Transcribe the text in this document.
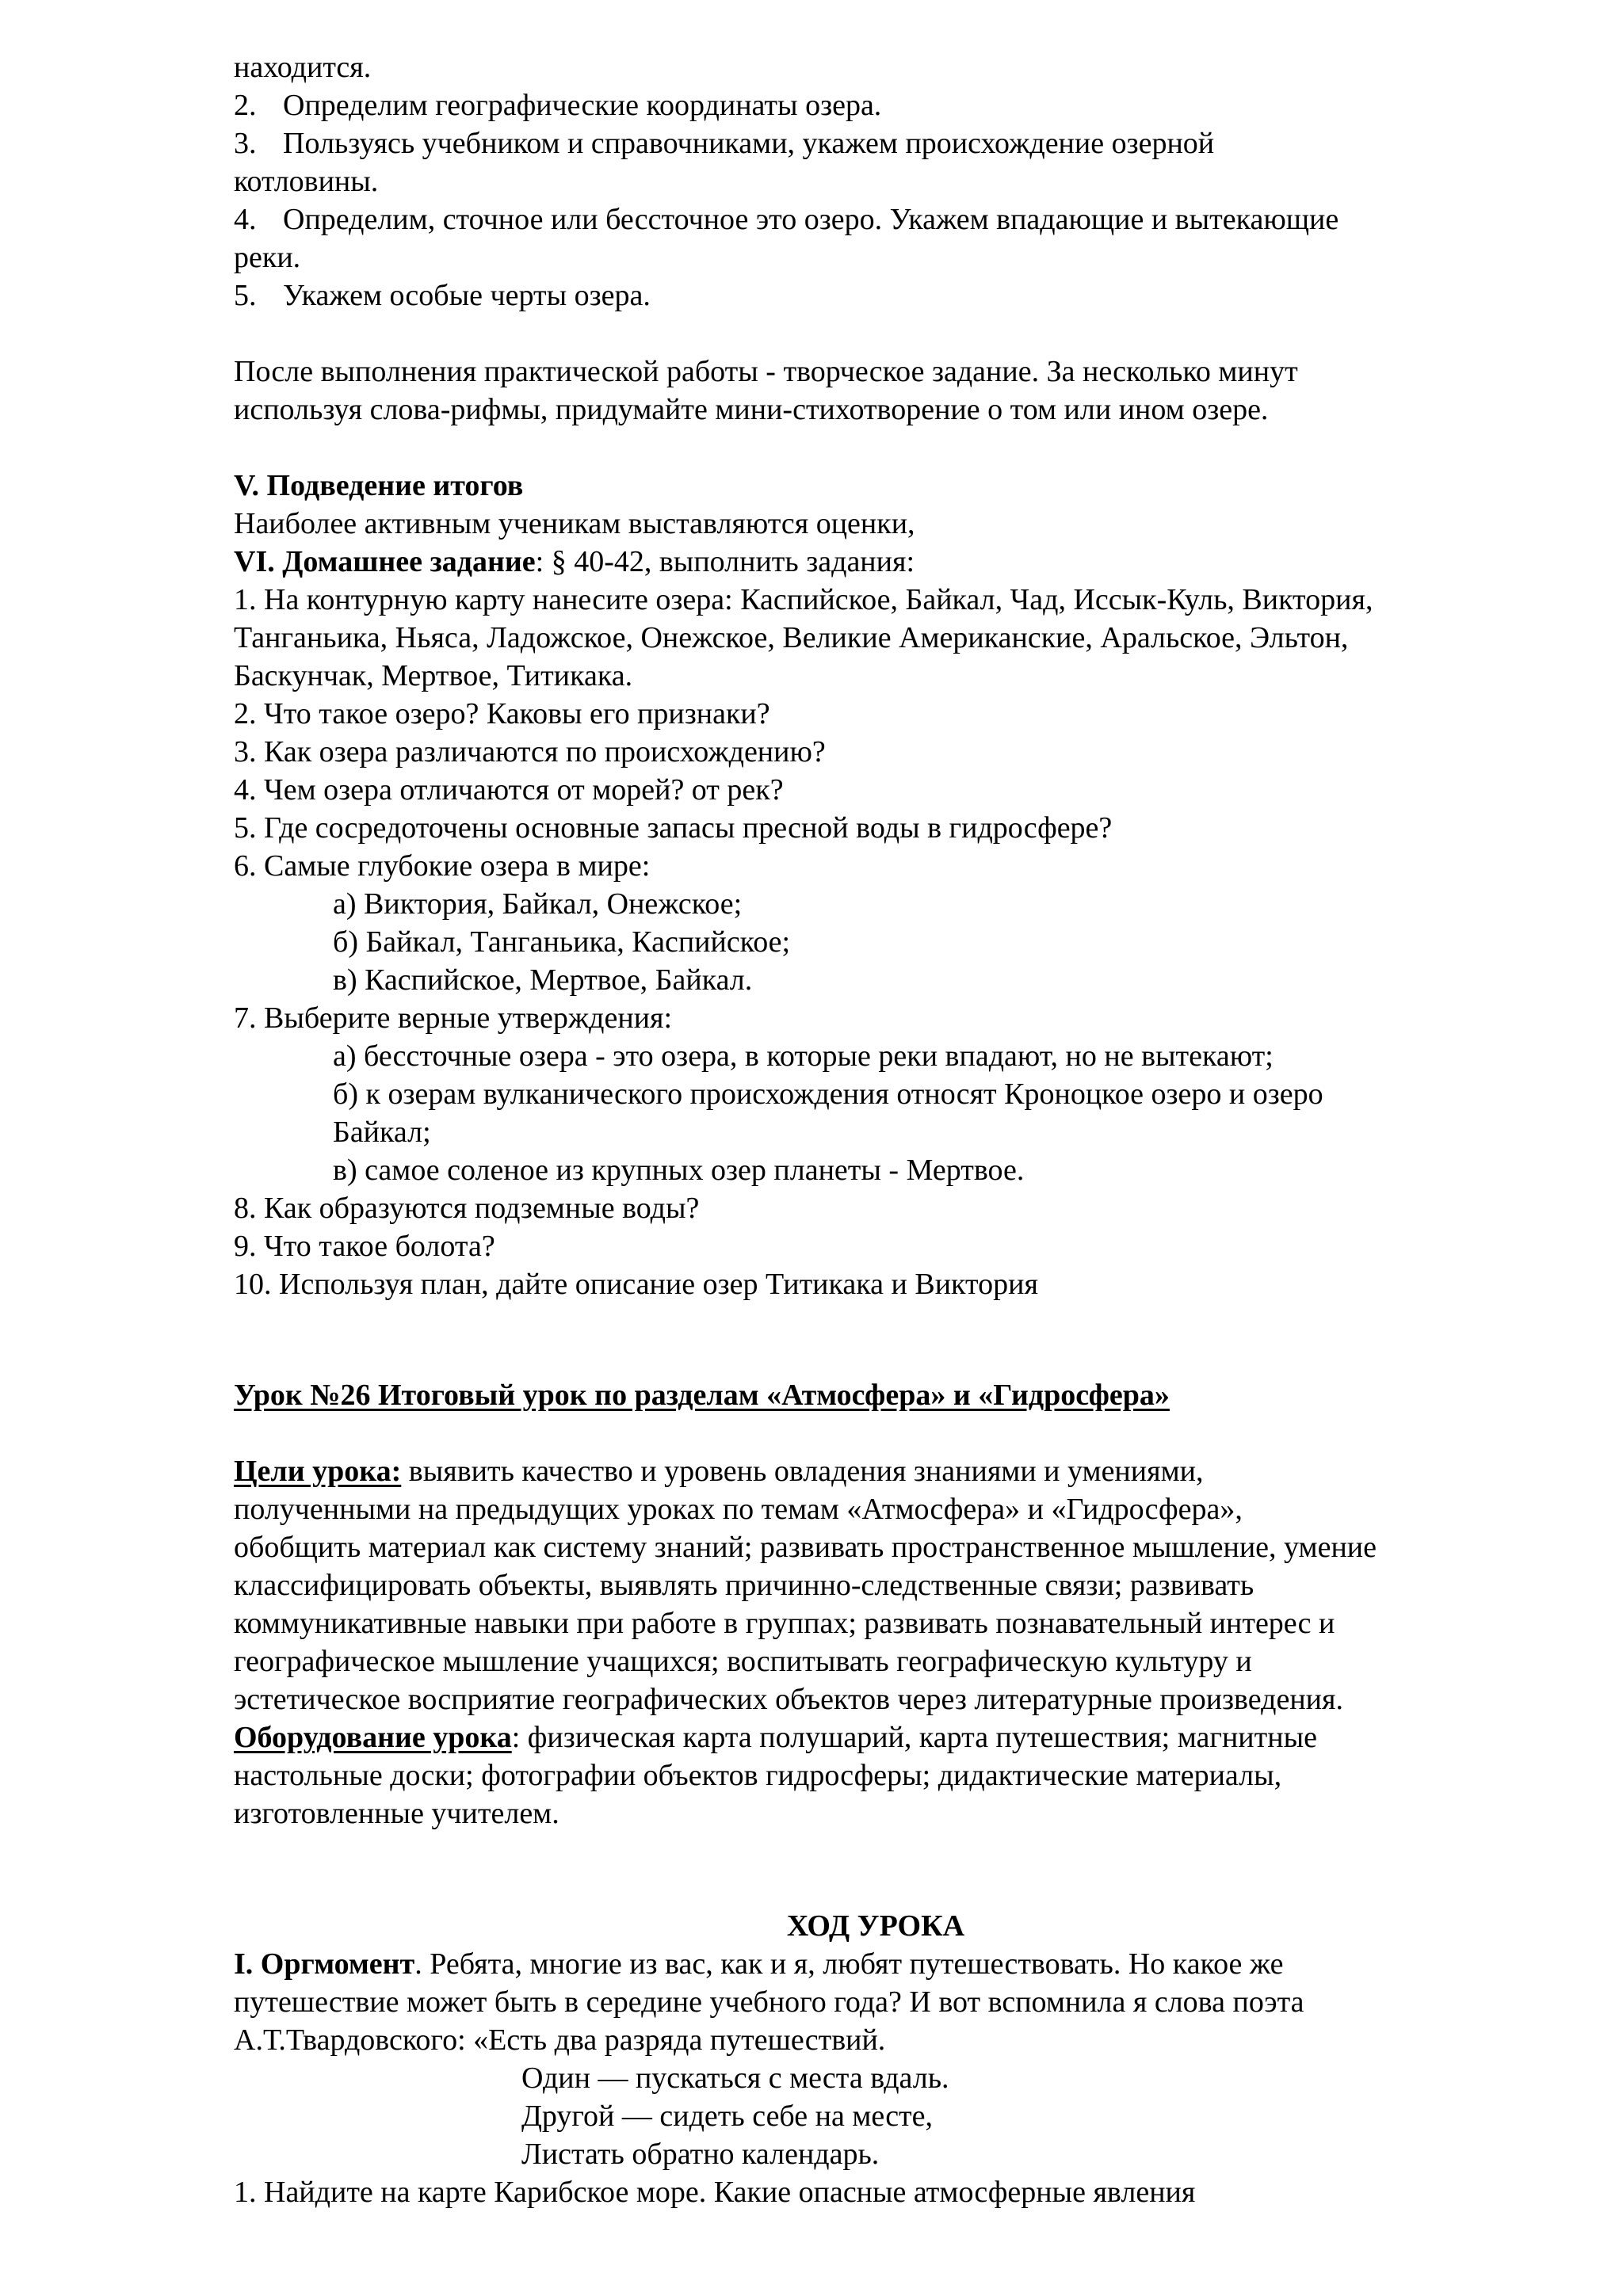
находится.
2. Определим географические координаты озера.
3. Пользуясь учебником и справочниками, укажем происхождение озерной
котловины.
4. Определим, сточное или бессточное это озеро. Укажем впадающие и вытекающие
реки.
5. Укажем особые черты озера.
После выполнения практической работы - творческое задание. За несколько минут
используя слова-рифмы, придумайте мини-стихотворение о том или ином озере.
V. Подведение итогов
Наиболее активным ученикам выставляются оценки,
VI. Домашнее задание: § 40-42, выполнить задания:
1. На контурную карту нанесите озера: Каспийское, Байкал, Чад, Иссык-Куль, Виктория,
Танганьика, Ньяса, Ладожское, Онежское, Великие Американские, Аральское, Эльтон,
Баскунчак, Мертвое, Титикака.
2. Что такое озеро? Каковы его признаки?
3. Как озера различаются по происхождению?
4. Чем озера отличаются от морей? от рек?
5. Где сосредоточены основные запасы пресной воды в гидросфере?
6. Самые глубокие озера в мире:
а) Виктория, Байкал, Онежское;
б) Байкал, Танганьика, Каспийское;
в) Каспийское, Мертвое, Байкал.
7. Выберите верные утверждения:
а) бессточные озера - это озера, в которые реки впадают, но не вытекают;
б) к озерам вулканического происхождения относят Кроноцкое озеро и озеро
Байкал;
в) самое соленое из крупных озер планеты - Мертвое.
8. Как образуются подземные воды?
9. Что такое болота?
10. Используя план, дайте описание озер Титикака и Виктория
Урок №26 Итоговый урок по разделам «Атмосфера» и «Гидросфера»
Цели урока: выявить качество и уровень овладения знаниями и умениями,
полученными на предыдущих уроках по темам «Атмосфера» и «Гидросфера»,
обобщить материал как систему знаний; развивать пространственное мышление, умение
классифицировать объекты, выявлять причинно-следственные связи; развивать
коммуникативные навыки при работе в группах; развивать познавательный интерес и
географическое мышление учащихся; воспитывать географическую культуру и
эстетическое восприятие географических объектов через литературные произведения.
Оборудование урока: физическая карта полушарий, карта путешествия; магнитные
настольные доски; фотографии объектов гидросферы; дидактические материалы,
изготовленные учителем.
ХОД УРОКА
I. Оргмомент. Ребята, многие из вас, как и я, любят путешествовать. Но какое же
путешествие может быть в середине учебного года? И вот вспомнила я слова поэта
А.Т.Твардовского: «Есть два разряда путешествий.
Один — пускаться с места вдаль.
Другой — сидеть себе на месте,
Листать обратно календарь.
1. Найдите на карте Карибское море. Какие опасные атмосферные явления
